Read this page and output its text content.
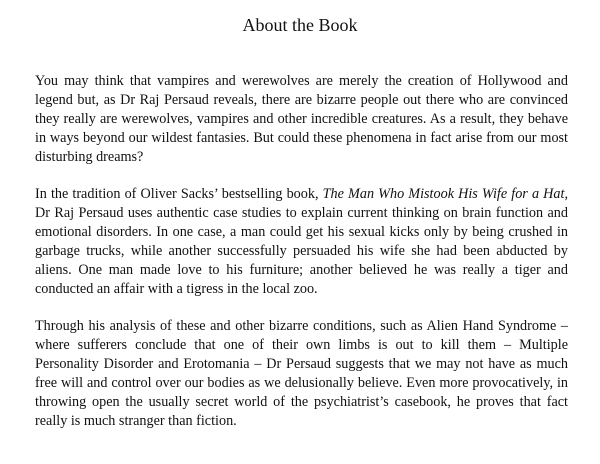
About the Book

You may think that vampires and werewolves are merely the creation of Hollywood and legend but, as Dr Raj Persaud reveals, there are bizarre people out there who are convinced they really are werewolves, vampires and other incredible creatures. As a result, they behave in ways beyond our wildest fantasies. But could these phenomena in fact arise from our most disturbing dreams?

In the tradition of Oliver Sacks’ bestselling book, The Man Who Mistook His Wife for a Hat, Dr Raj Persaud uses authentic case studies to explain current thinking on brain function and emotional disorders. In one case, a man could get his sexual kicks only by being crushed in garbage trucks, while another successfully persuaded his wife she had been abducted by aliens. One man made love to his furniture; another believed he was really a tiger and conducted an affair with a tigress in the local zoo.

Through his analysis of these and other bizarre conditions, such as Alien Hand Syndrome – where sufferers conclude that one of their own limbs is out to kill them – Multiple Personality Disorder and Erotomania – Dr Persaud suggests that we may not have as much free will and control over our bodies as we delusionally believe. Even more provocatively, in throwing open the usually secret world of the psychiatrist’s casebook, he proves that fact really is much stranger than fiction.
